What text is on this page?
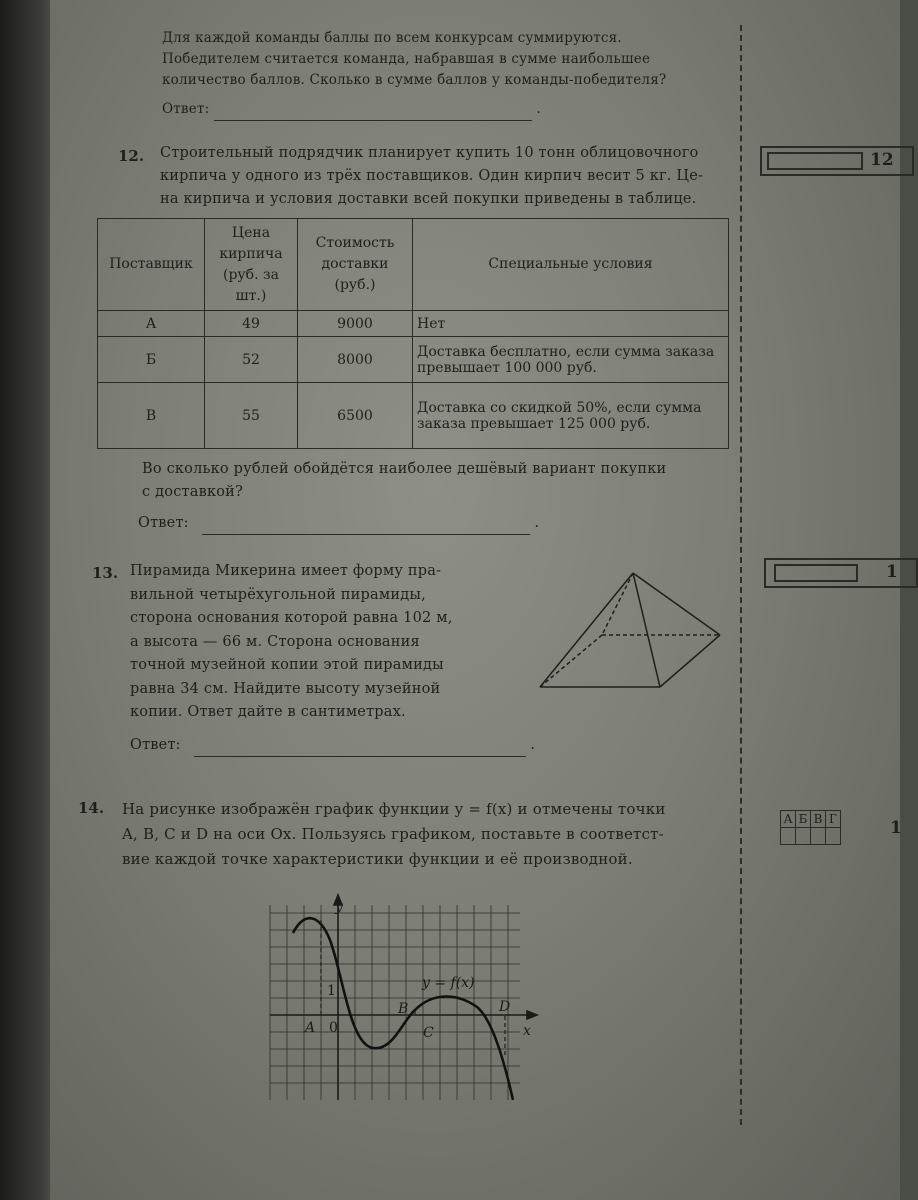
Для каждой команды баллы по всем конкурсам суммируются.
Победителем считается команда, набравшая в сумме наибольшее
количество баллов. Сколько в сумме баллов у команды-победителя?
Ответ:	.
12. Строительный подрядчик планирует купить 10 тонн облицовочного
кирпича у одного из трёх поставщиков. Один кирпич весит 5 кг. Це-
на кирпича и условия доставки всей покупки приведены в таблице.
Поставщик	Цена кирпича (руб. за шт.)	Стоимость доставки (руб.)	Специальные условия
А	49	9000	Нет
Б	52	8000	Доставка бесплатно, если сумма заказа превышает 100 000 руб.
В	55	6500	Доставка со скидкой 50%, если сумма заказа превышает 125 000 руб.
Во сколько рублей обойдётся наиболее дешёвый вариант покупки
с доставкой?
Ответ:	.
12
13. Пирамида Микерина имеет форму пра-
вильной четырёхугольной пирамиды,
сторона основания которой равна 102 м,
а высота — 66 м. Сторона основания
точной музейной копии этой пирамиды
равна 34 см. Найдите высоту музейной
копии. Ответ дайте в сантиметрах.
Ответ:	.
1
14. На рисунке изображён график функции y = f(x) и отмечены точки
A, B, C и D на оси Ox. Пользуясь графиком, поставьте в соответст-
вие каждой точке характеристики функции и её производной.
А	Б	В	Г
				1
y
x
y = f(x)
0
1
A
B
C
D
